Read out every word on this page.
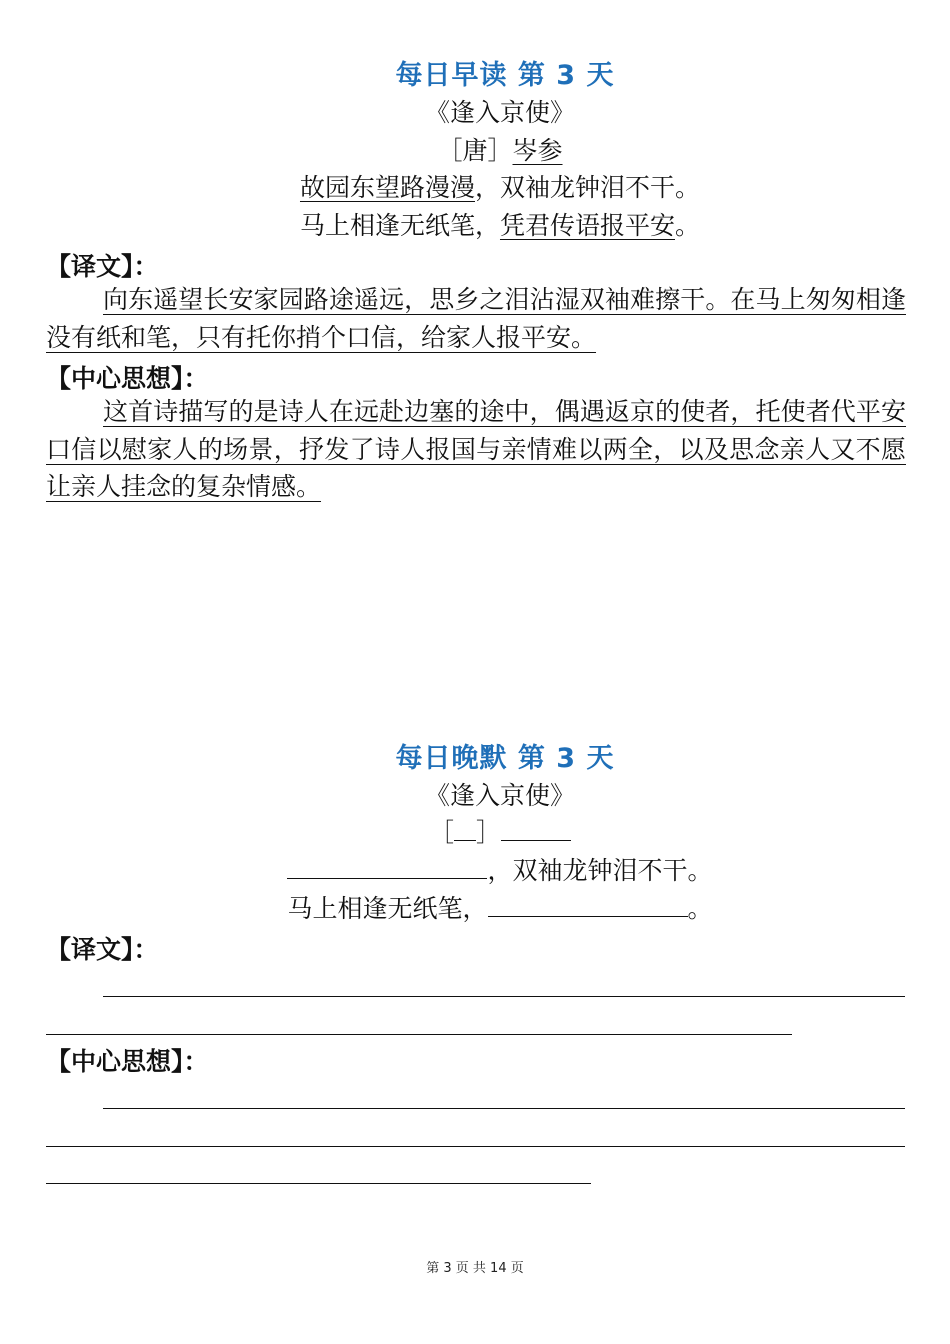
每日早读 第 3 天
《逢入京使》
［唐］岑参
故园东望路漫漫，双袖龙钟泪不干。
马上相逢无纸笔，凭君传语报平安。
【译文】：
向东遥望长安家园路途遥远，思乡之泪沾湿双袖难擦干。在马上匆匆相逢没有纸和笔，只有托你捎个口信，给家人报平安。
【中心思想】：
这首诗描写的是诗人在远赴边塞的途中，偶遇返京的使者，托使者代平安口信以慰家人的场景，抒发了诗人报国与亲情难以两全，以及思念亲人又不愿让亲人挂念的复杂情感。
每日晚默 第 3 天
《逢入京使》
［ ］
，双袖龙钟泪不干。
马上相逢无纸笔，	。
【译文】：
【中心思想】：
第 3 页 共 14 页
